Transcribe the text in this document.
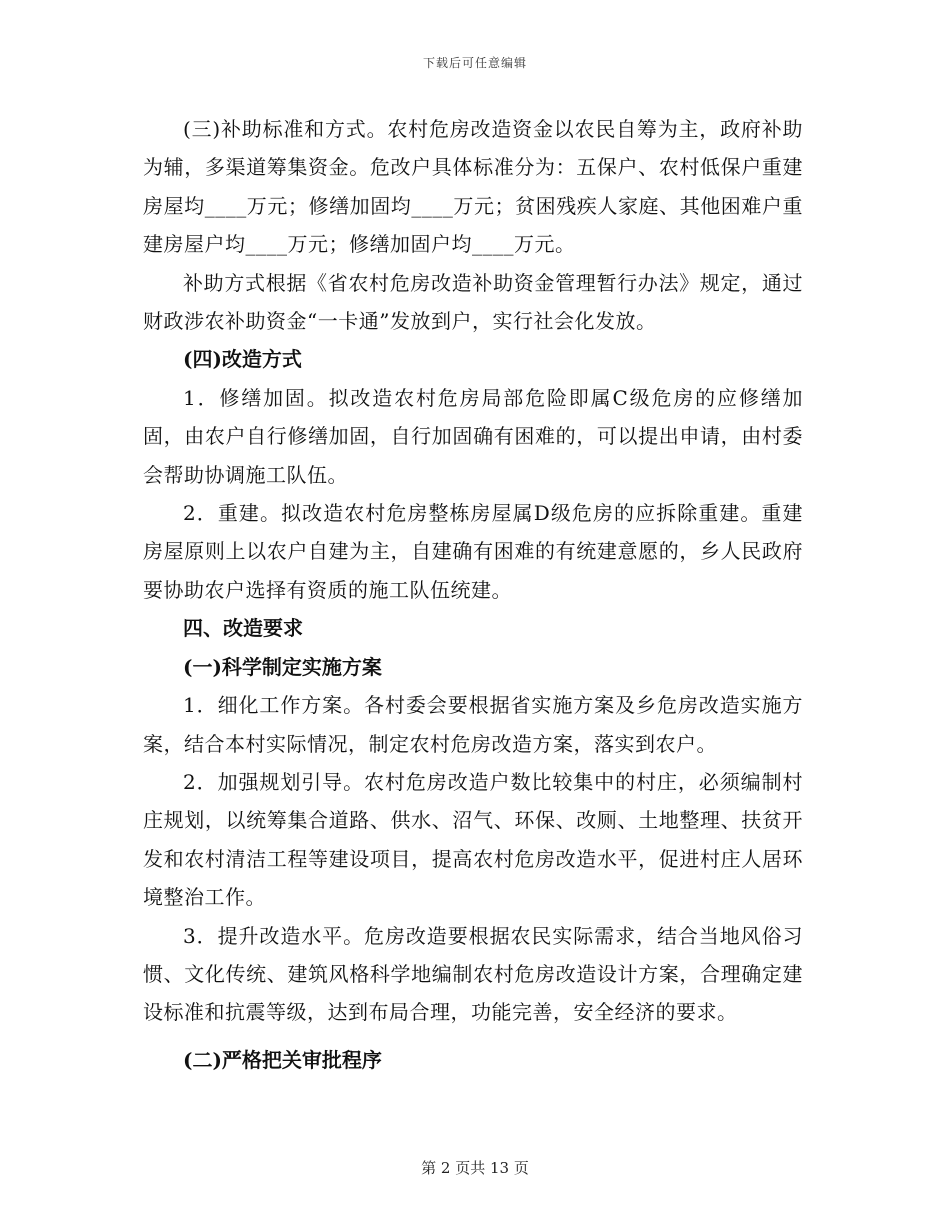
下载后可任意编辑

(三)补助标准和方式。农村危房改造资金以农民自筹为主，政府补助为辅，多渠道筹集资金。危改户具体标准分为：五保户、农村低保户重建房屋均____万元；修缮加固均____万元；贫困残疾人家庭、其他困难户重建房屋户均____万元；修缮加固户均____万元。

补助方式根据《省农村危房改造补助资金管理暂行办法》规定，通过财政涉农补助资金“一卡通”发放到户，实行社会化发放。

(四)改造方式

1．修缮加固。拟改造农村危房局部危险即属C级危房的应修缮加固，由农户自行修缮加固，自行加固确有困难的，可以提出申请，由村委会帮助协调施工队伍。

2．重建。拟改造农村危房整栋房屋属D级危房的应拆除重建。重建房屋原则上以农户自建为主，自建确有困难的有统建意愿的，乡人民政府要协助农户选择有资质的施工队伍统建。

四、改造要求

(一)科学制定实施方案

1．细化工作方案。各村委会要根据省实施方案及乡危房改造实施方案，结合本村实际情况，制定农村危房改造方案，落实到农户。

2．加强规划引导。农村危房改造户数比较集中的村庄，必须编制村庄规划，以统筹集合道路、供水、沼气、环保、改厕、土地整理、扶贫开发和农村清洁工程等建设项目，提高农村危房改造水平，促进村庄人居环境整治工作。

3．提升改造水平。危房改造要根据农民实际需求，结合当地风俗习惯、文化传统、建筑风格科学地编制农村危房改造设计方案，合理确定建设标准和抗震等级，达到布局合理，功能完善，安全经济的要求。

(二)严格把关审批程序

第 2 页共 13 页
